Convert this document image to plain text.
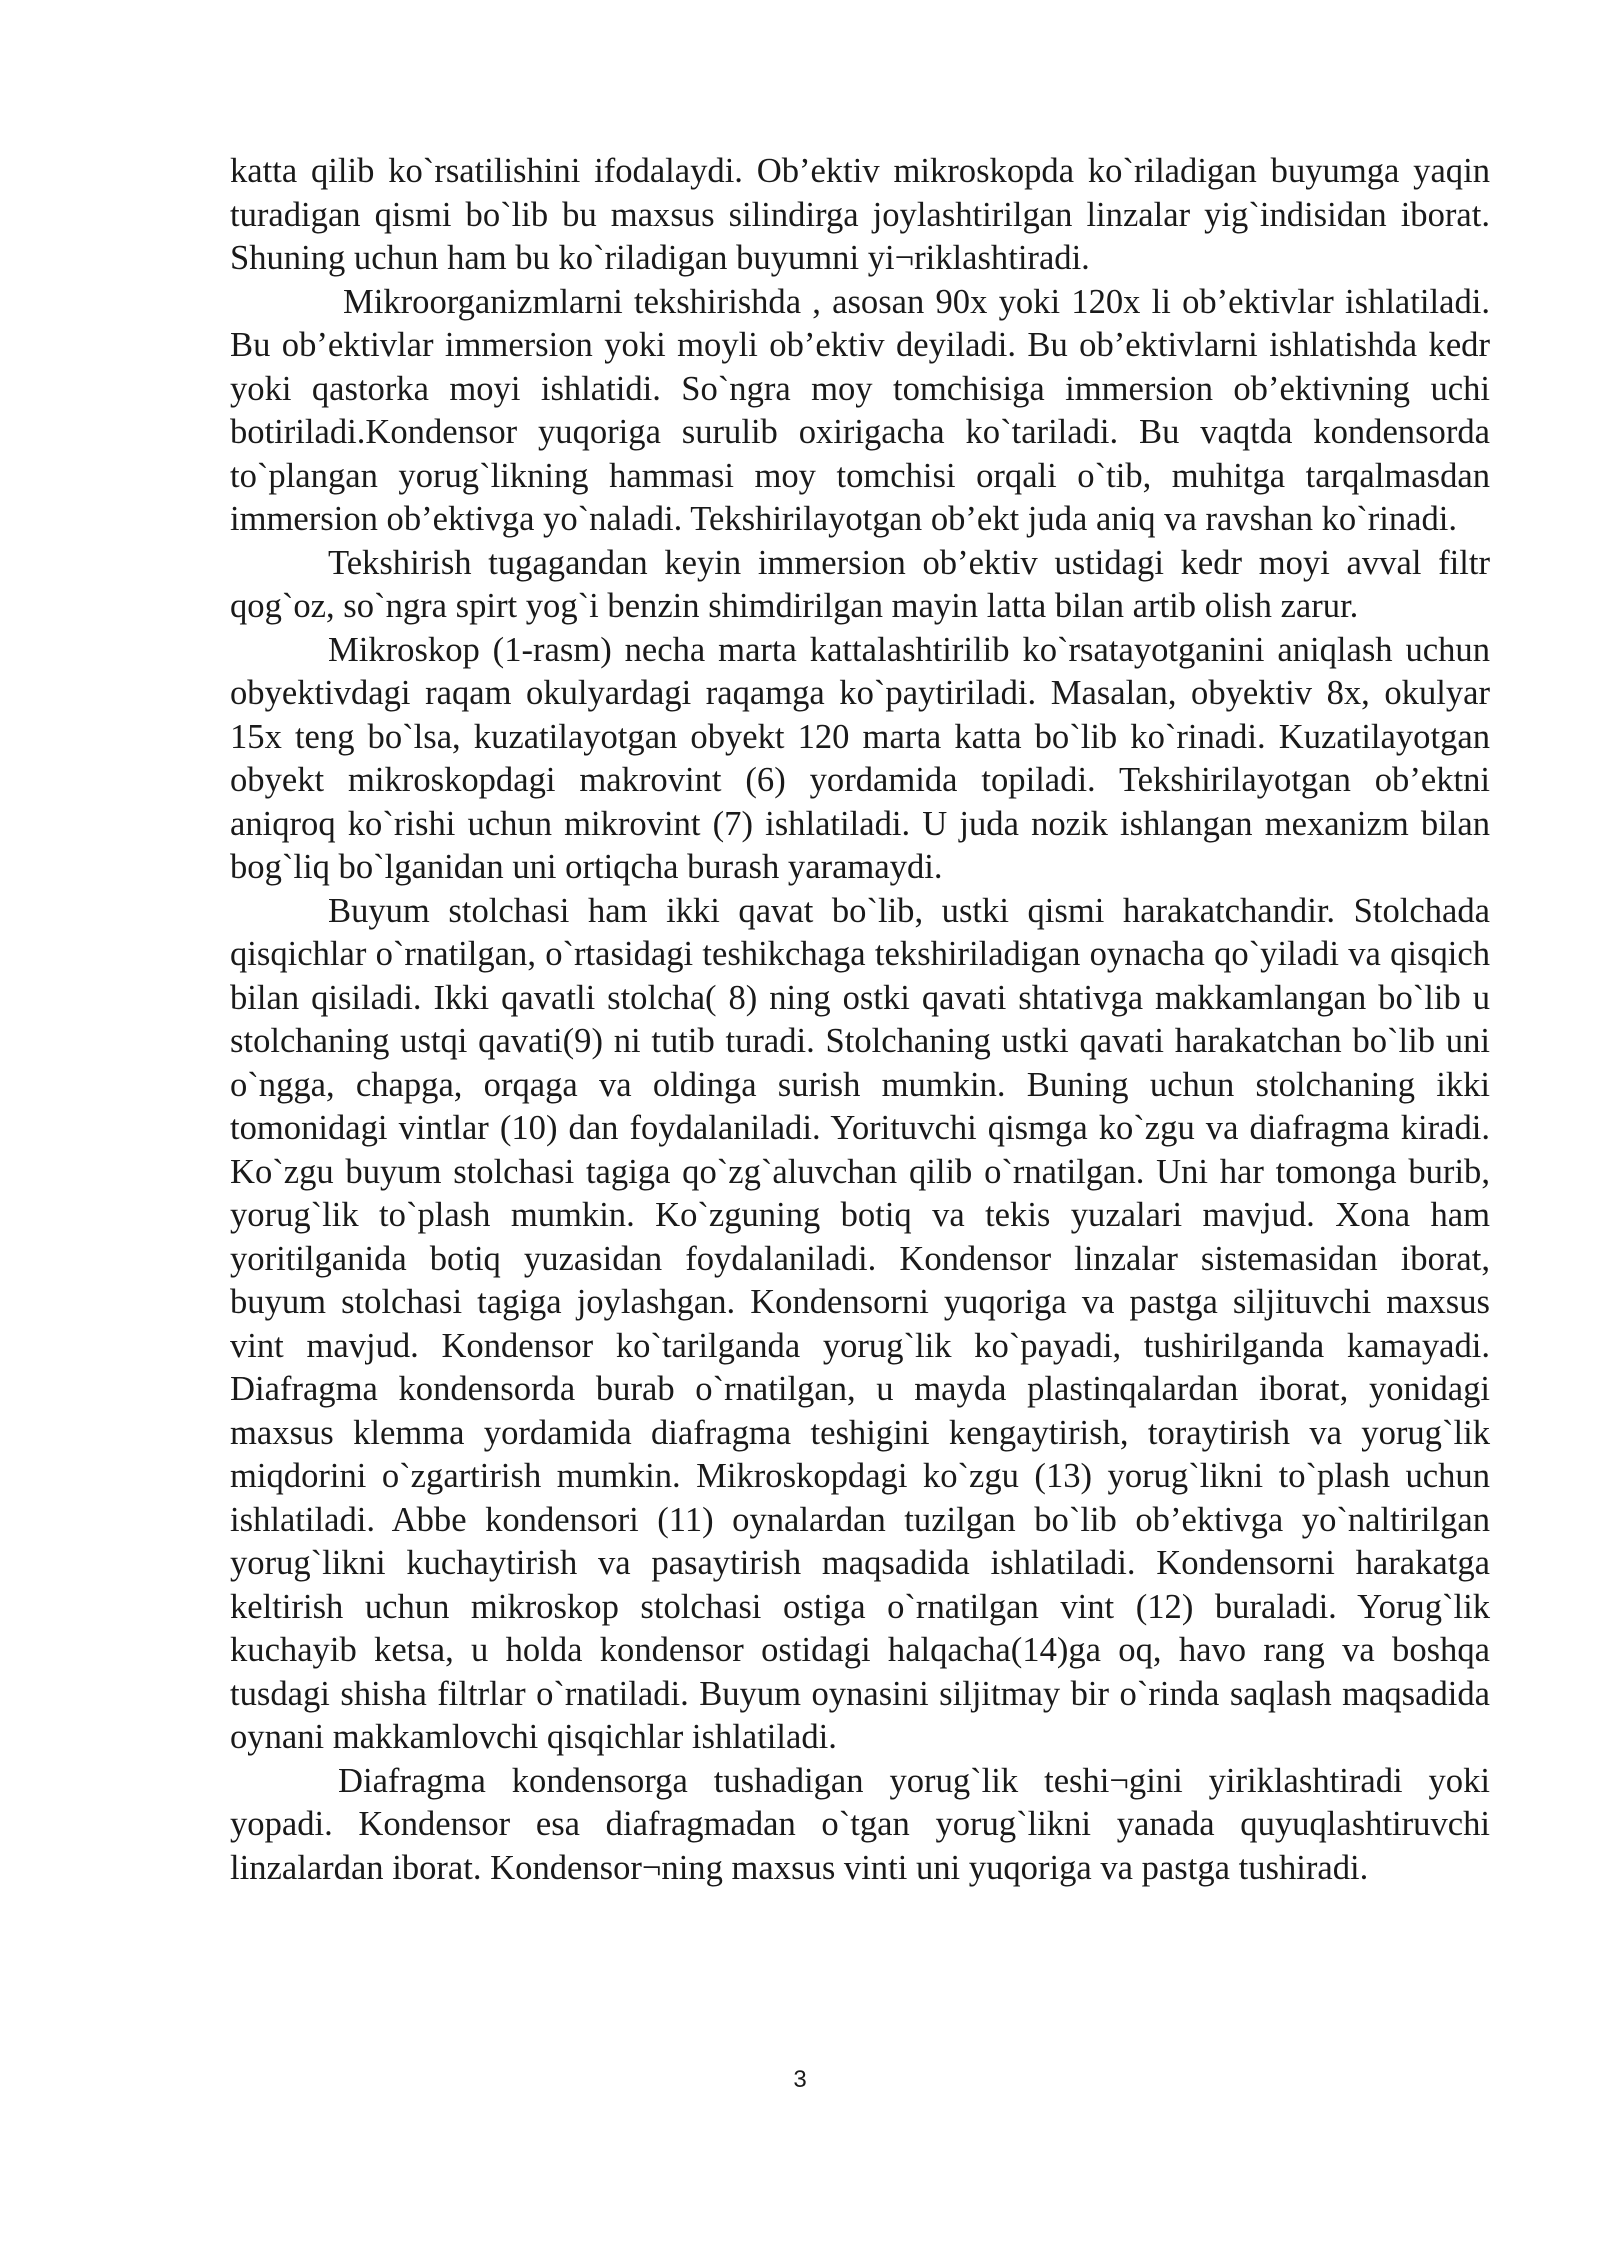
katta qilib ko`rsatilishini ifodalaydi. Ob’ektiv mikroskopda ko`riladigan buyumga yaqin turadigan qismi bo`lib bu maxsus silindirga joylashtirilgan linzalar yig`indisidan iborat. Shuning uchun ham bu ko`riladigan buyumni yi¬riklashtiradi.

Mikroorganizmlarni tekshirishda , asosan 90x yoki 120x li ob’ektivlar ishlatiladi. Bu ob’ektivlar immersion yoki moyli ob’ektiv deyiladi. Bu ob’ektivlarni ishlatishda kedr yoki qastorka moyi ishlatidi. So`ngra moy tomchisiga immersion ob’ektivning uchi botiriladi.Kondensor yuqoriga surulib oxirigacha ko`tariladi. Bu vaqtda kondensorda to`plangan yorug`likning hammasi moy tomchisi orqali o`tib, muhitga tarqalmasdan immersion ob’ektivga yo`naladi. Tekshirilayotgan ob’ekt juda aniq va ravshan ko`rinadi.

Tekshirish tugagandan keyin immersion ob’ektiv ustidagi kedr moyi avval filtr qog`oz, so`ngra spirt yog`i benzin shimdirilgan mayin latta bilan artib olish zarur.

Mikroskop (1-rasm) necha marta kattalashtirilib ko`rsatayotganini aniqlash uchun obyektivdagi raqam okulyardagi raqamga ko`paytiriladi. Masalan, obyektiv 8x, okulyar 15x teng bo`lsa, kuzatilayotgan obyekt 120 marta katta bo`lib ko`rinadi. Kuzatilayotgan obyekt mikroskopdagi makrovint (6) yordamida topiladi. Tekshirilayotgan ob’ektni aniqroq ko`rishi uchun mikrovint (7) ishlatiladi. U juda nozik ishlangan mexanizm bilan bog`liq bo`lganidan uni ortiqcha burash yaramaydi.

Buyum stolchasi ham ikki qavat bo`lib, ustki qismi harakatchandir. Stolchada qisqichlar o`rnatilgan, o`rtasidagi teshikchaga tekshiriladigan oynacha qo`yiladi va qisqich bilan qisiladi. Ikki qavatli stolcha( 8) ning ostki qavati shtativga makkamlangan bo`lib u stolchaning ustqi qavati(9) ni tutib turadi. Stolchaning ustki qavati harakatchan bo`lib uni o`ngga, chapga, orqaga va oldinga surish mumkin. Buning uchun stolchaning ikki tomonidagi vintlar (10) dan foydalaniladi. Yorituvchi qismga ko`zgu va diafragma kiradi. Ko`zgu buyum stolchasi tagiga qo`zg`aluvchan qilib o`rnatilgan. Uni har tomonga burib, yorug`lik to`plash mumkin. Ko`zguning botiq va tekis yuzalari mavjud. Xona ham yoritilganida botiq yuzasidan foydalaniladi. Kondensor linzalar sistemasidan iborat, buyum stolchasi tagiga joylashgan. Kondensorni yuqoriga va pastga siljituvchi maxsus vint mavjud. Kondensor ko`tarilganda yorug`lik ko`payadi, tushirilganda kamayadi. Diafragma kondensorda burab o`rnatilgan, u mayda plastinqalardan iborat, yonidagi maxsus klemma yordamida diafragma teshigini kengaytirish, toraytirish va yorug`lik miqdorini o`zgartirish mumkin. Mikroskopdagi ko`zgu (13) yorug`likni to`plash uchun ishlatiladi. Abbe kondensori (11) oynalardan tuzilgan bo`lib ob’ektivga yo`naltirilgan yorug`likni kuchaytirish va pasaytirish maqsadida ishlatiladi. Kondensorni harakatga keltirish uchun mikroskop stolchasi ostiga o`rnatilgan vint (12) buraladi. Yorug`lik kuchayib ketsa, u holda kondensor ostidagi halqacha(14)ga oq, havo rang va boshqa tusdagi shisha filtrlar o`rnatiladi. Buyum oynasini siljitmay bir o`rinda saqlash maqsadida oynani makkamlovchi qisqichlar ishlatiladi.

Diafragma kondensorga tushadigan yorug`lik teshi¬gini yiriklashtiradi yoki yopadi. Kondensor esa diafragmadan o`tgan yorug`likni yanada quyuqlashtiruvchi linzalardan iborat. Kondensor¬ning maxsus vinti uni yuqoriga va pastga tushiradi.

3
